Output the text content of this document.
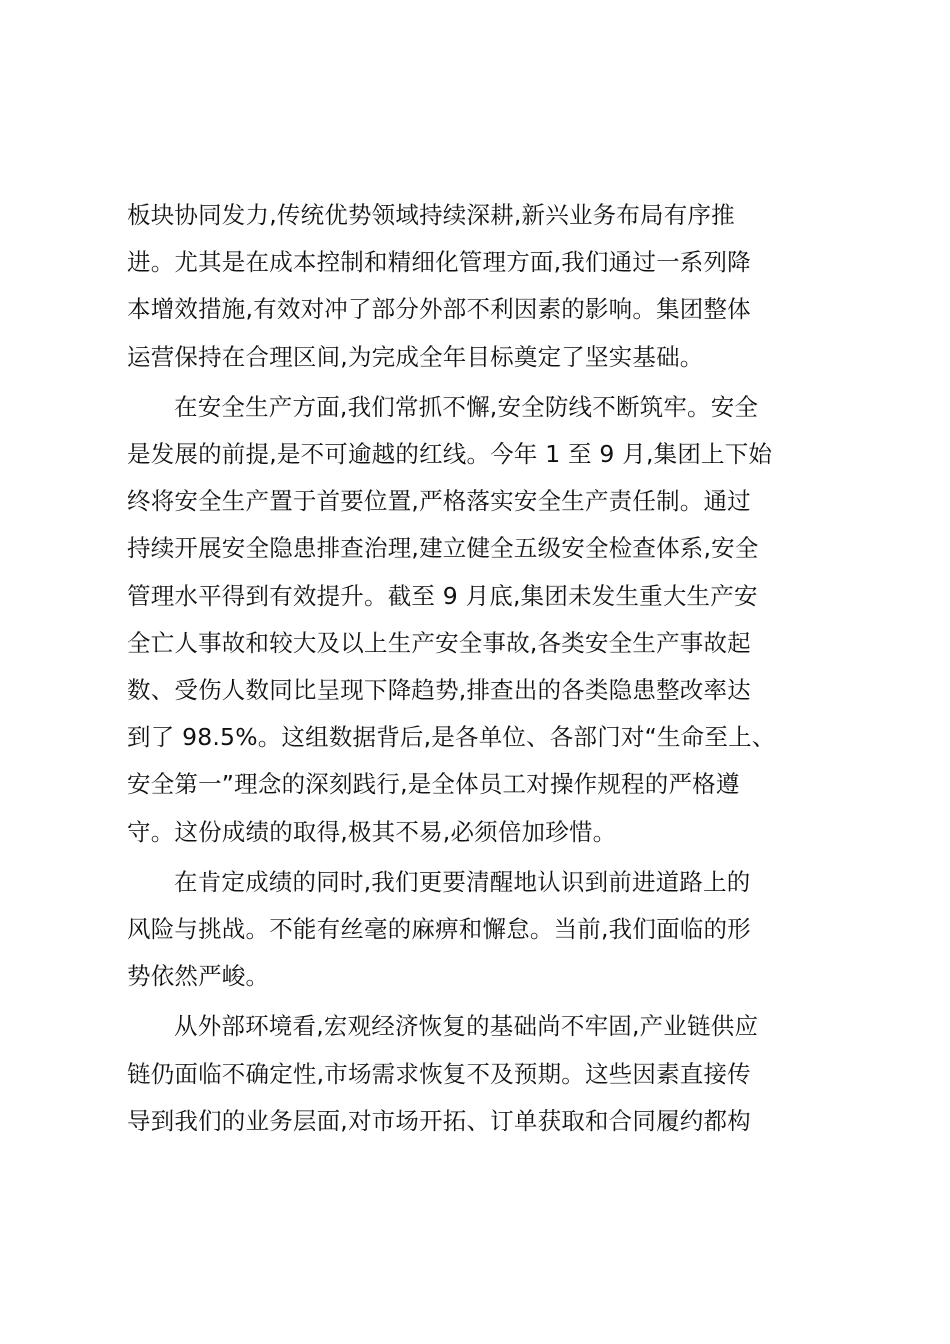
板块协同发力,传统优势领域持续深耕,新兴业务布局有序推
进。尤其是在成本控制和精细化管理方面,我们通过一系列降
本增效措施,有效对冲了部分外部不利因素的影响。集团整体
运营保持在合理区间,为完成全年目标奠定了坚实基础。

在安全生产方面,我们常抓不懈,安全防线不断筑牢。安全
是发展的前提,是不可逾越的红线。今年 1 至 9 月,集团上下始
终将安全生产置于首要位置,严格落实安全生产责任制。通过
持续开展安全隐患排查治理,建立健全五级安全检查体系,安全
管理水平得到有效提升。截至 9 月底,集团未发生重大生产安
全亡人事故和较大及以上生产安全事故,各类安全生产事故起
数、受伤人数同比呈现下降趋势,排查出的各类隐患整改率达
到了 98.5%。这组数据背后,是各单位、各部门对“生命至上、
安全第一”理念的深刻践行,是全体员工对操作规程的严格遵
守。这份成绩的取得,极其不易,必须倍加珍惜。

在肯定成绩的同时,我们更要清醒地认识到前进道路上的
风险与挑战。不能有丝毫的麻痹和懈怠。当前,我们面临的形
势依然严峻。

从外部环境看,宏观经济恢复的基础尚不牢固,产业链供应
链仍面临不确定性,市场需求恢复不及预期。这些因素直接传
导到我们的业务层面,对市场开拓、订单获取和合同履约都构
